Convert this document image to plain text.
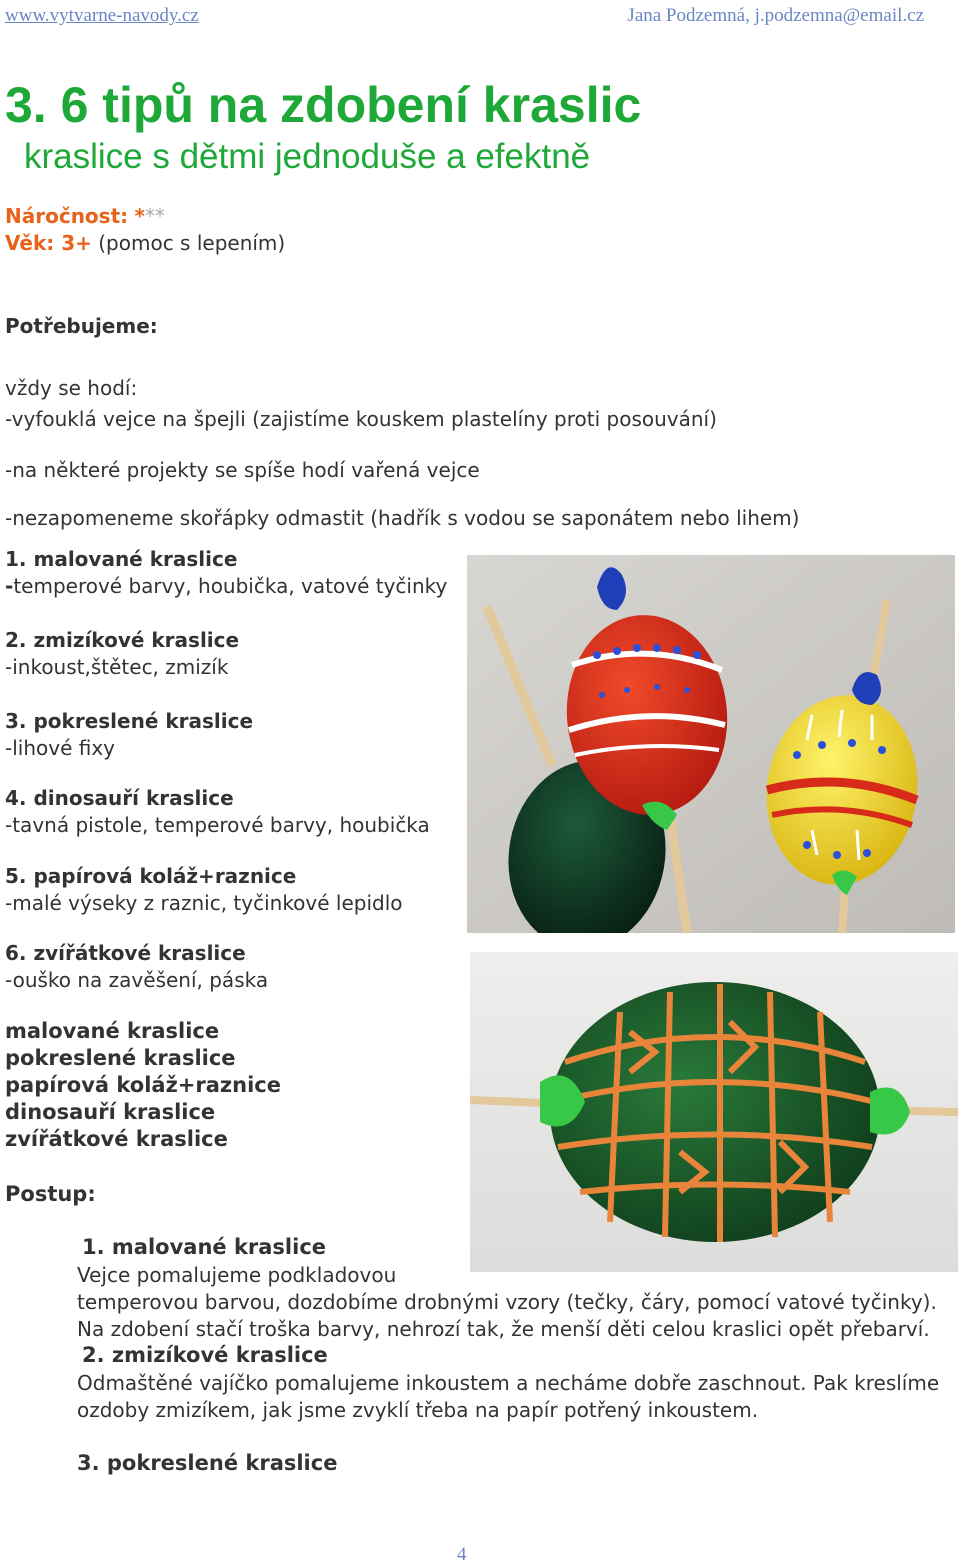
www.vytvarne-navody.cz	Jana Podzemná, j.podzemna@email.cz
3. 6 tipů na zdobení kraslic
kraslice s dětmi jednoduše a efektně
Náročnost: ***
Věk: 3+ (pomoc s lepením)
Potřebujeme:
vždy se hodí:
-vyfouklá vejce na špejli (zajistíme kouskem plastelíny proti posouvání)
-na některé projekty se spíše hodí vařená vejce
-nezapomeneme skořápky odmastit (hadřík s vodou se saponátem nebo lihem)
1. malované kraslice
-temperové barvy, houbička, vatové tyčinky
2. zmizíkové kraslice
-inkoust,štětec, zmizík
3. pokreslené kraslice
-lihové fixy
4. dinosauří kraslice
-tavná pistole, temperové barvy, houbička
5. papírová koláž+raznice
-malé výseky z raznic, tyčinkové lepidlo
6. zvířátkové kraslice
-ouško na zavěšení, páska
malované kraslice
pokreslené kraslice
papírová koláž+raznice
dinosauří kraslice
zvířátkové kraslice
Postup:
1. malované kraslice
Vejce pomalujeme podkladovou
temperovou barvou, dozdobíme drobnými vzory (tečky, čáry, pomocí vatové tyčinky).
Na zdobení stačí troška barvy, nehrozí tak, že menší děti celou kraslici opět přebarví.
2. zmizíkové kraslice
Odmaštěné vajíčko pomalujeme inkoustem a necháme dobře zaschnout. Pak kreslíme
ozdoby zmizíkem, jak jsme zvyklí třeba na papír potřený inkoustem.
3. pokreslené kraslice
4
